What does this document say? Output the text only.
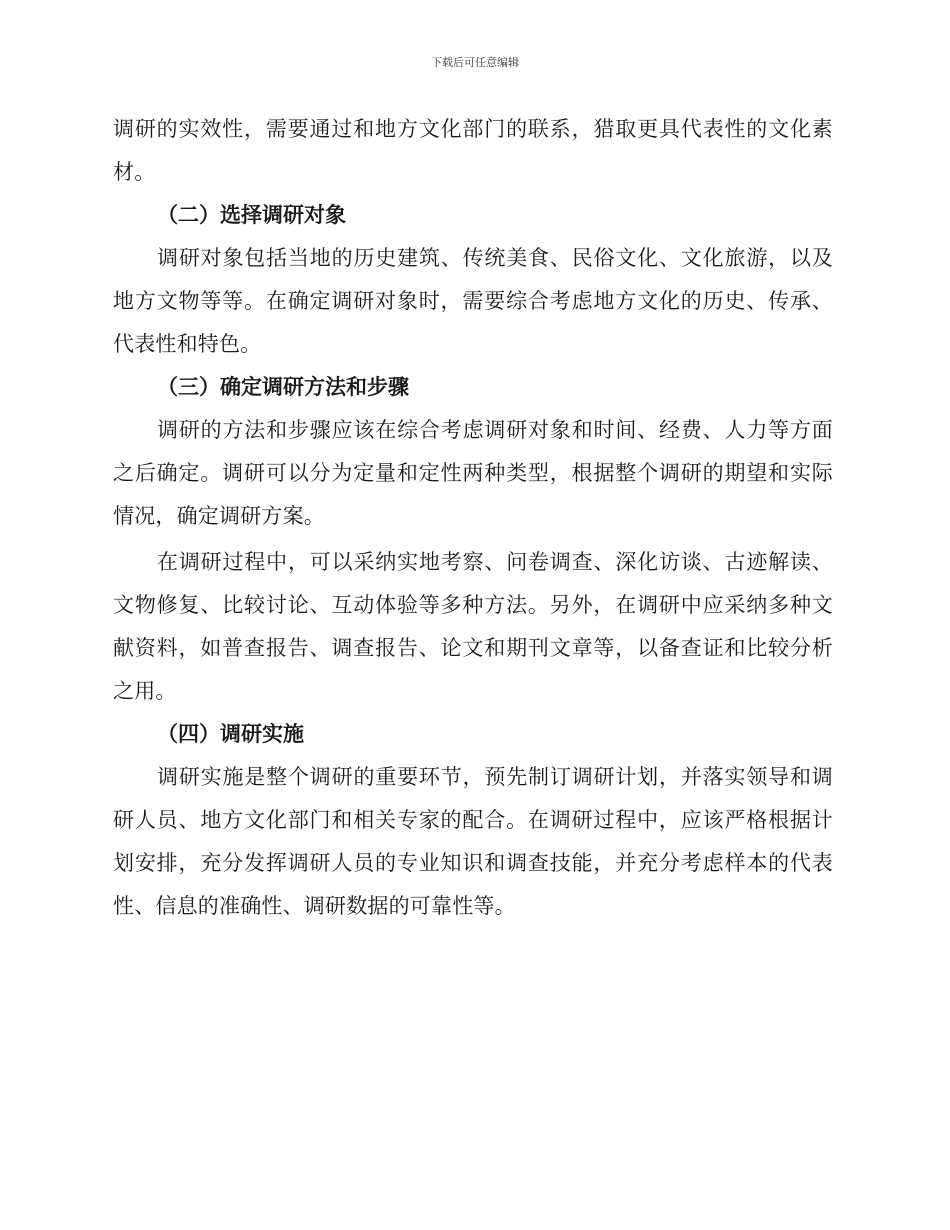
下载后可任意编辑

调研的实效性，需要通过和地方文化部门的联系，猎取更具代表性的文化素材。

（二）选择调研对象

调研对象包括当地的历史建筑、传统美食、民俗文化、文化旅游，以及地方文物等等。在确定调研对象时，需要综合考虑地方文化的历史、传承、代表性和特色。

（三）确定调研方法和步骤

调研的方法和步骤应该在综合考虑调研对象和时间、经费、人力等方面之后确定。调研可以分为定量和定性两种类型，根据整个调研的期望和实际情况，确定调研方案。

在调研过程中，可以采纳实地考察、问卷调查、深化访谈、古迹解读、文物修复、比较讨论、互动体验等多种方法。另外，在调研中应采纳多种文献资料，如普查报告、调查报告、论文和期刊文章等，以备查证和比较分析之用。

（四）调研实施

调研实施是整个调研的重要环节，预先制订调研计划，并落实领导和调研人员、地方文化部门和相关专家的配合。在调研过程中，应该严格根据计划安排，充分发挥调研人员的专业知识和调查技能，并充分考虑样本的代表性、信息的准确性、调研数据的可靠性等。
